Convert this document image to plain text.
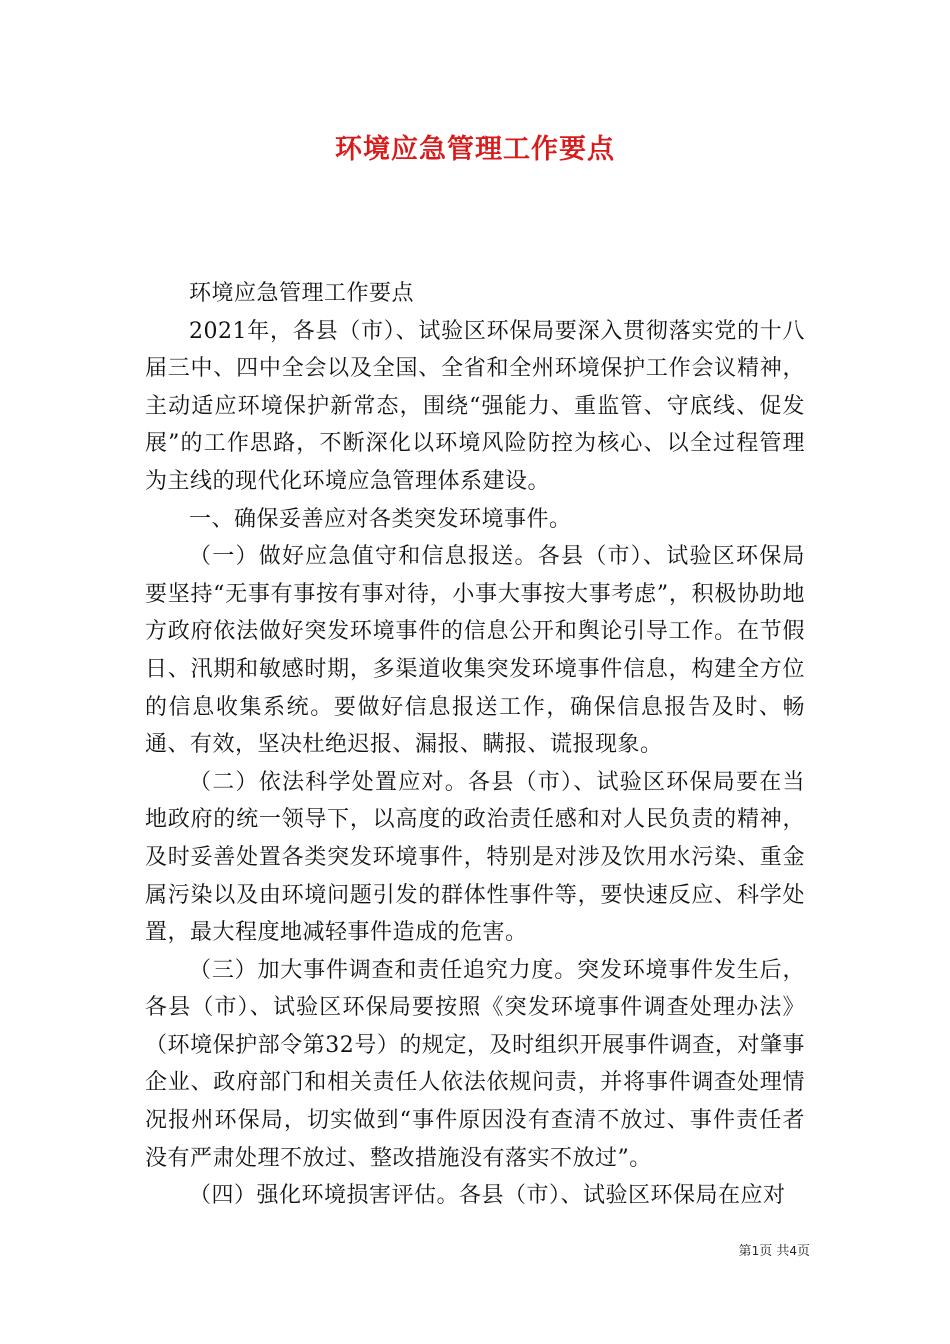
环境应急管理工作要点

环境应急管理工作要点

2021年，各县（市）、试验区环保局要深入贯彻落实党的十八届三中、四中全会以及全国、全省和全州环境保护工作会议精神，主动适应环境保护新常态，围绕“强能力、重监管、守底线、促发展”的工作思路，不断深化以环境风险防控为核心、以全过程管理为主线的现代化环境应急管理体系建设。

一、确保妥善应对各类突发环境事件。

（一）做好应急值守和信息报送。各县（市）、试验区环保局要坚持“无事有事按有事对待，小事大事按大事考虑”，积极协助地方政府依法做好突发环境事件的信息公开和舆论引导工作。在节假日、汛期和敏感时期，多渠道收集突发环境事件信息，构建全方位的信息收集系统。要做好信息报送工作，确保信息报告及时、畅通、有效，坚决杜绝迟报、漏报、瞒报、谎报现象。

（二）依法科学处置应对。各县（市）、试验区环保局要在当地政府的统一领导下，以高度的政治责任感和对人民负责的精神，及时妥善处置各类突发环境事件，特别是对涉及饮用水污染、重金属污染以及由环境问题引发的群体性事件等，要快速反应、科学处置，最大程度地减轻事件造成的危害。

（三）加大事件调查和责任追究力度。突发环境事件发生后，各县（市）、试验区环保局要按照《突发环境事件调查处理办法》（环境保护部令第32号）的规定，及时组织开展事件调查，对肇事企业、政府部门和相关责任人依法依规问责，并将事件调查处理情况报州环保局，切实做到“事件原因没有查清不放过、事件责任者没有严肃处理不放过、整改措施没有落实不放过”。

（四）强化环境损害评估。各县（市）、试验区环保局在应对

第1页 共4页
